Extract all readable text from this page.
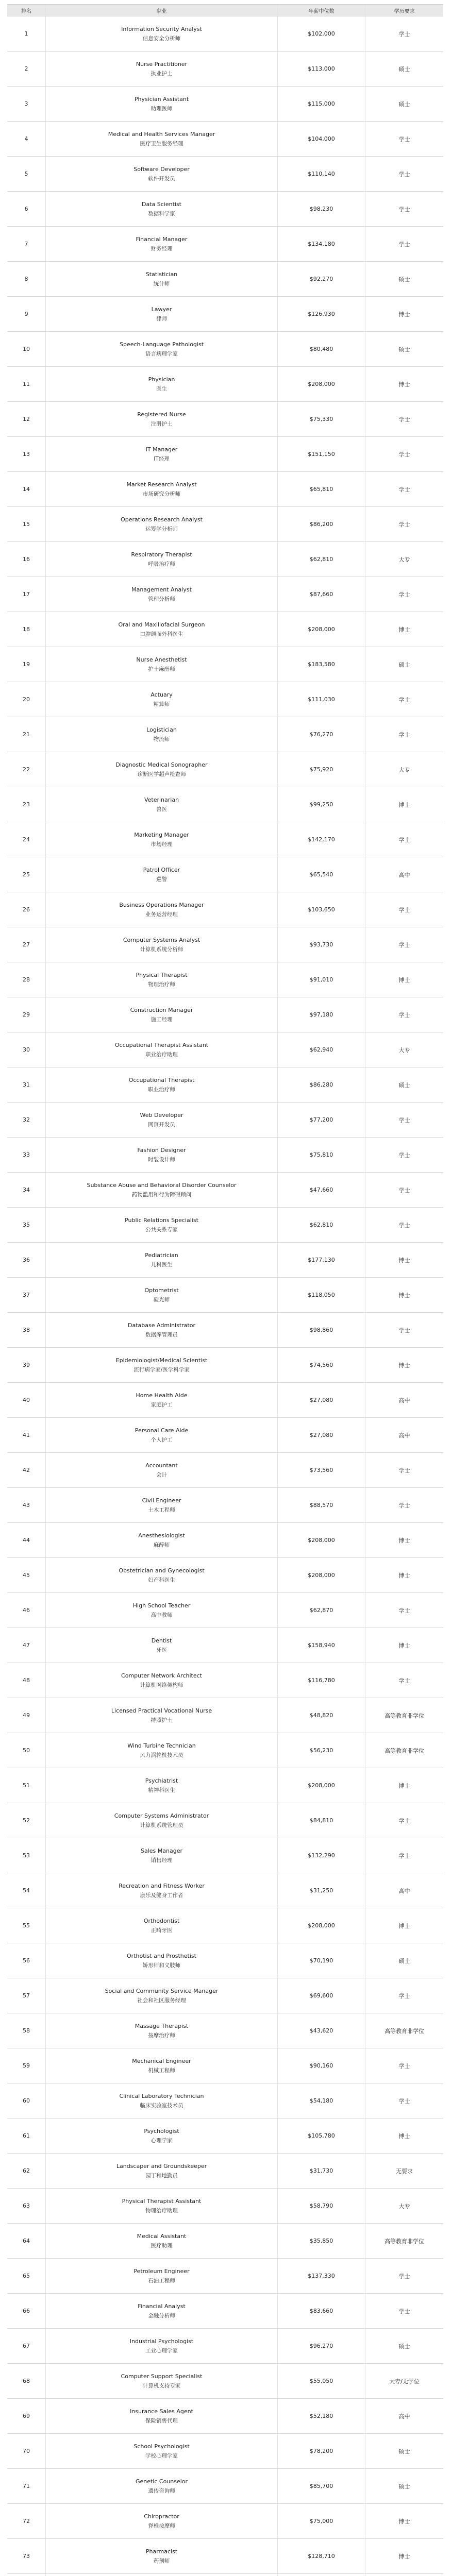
排名	职业	年薪中位数	学历要求
1
Information Security Analyst
信息安全分析师
$102,000	学士
2
Nurse Practitioner
执业护士
$113,000	硕士
3
Physician Assistant
助理医师
$115,000	硕士
4
Medical and Health Services Manager
医疗卫生服务经理
$104,000	学士
5
Software Developer
软件开发员
$110,140	学士
6
Data Scientist
数据科学家
$98,230	学士
7
Financial Manager
财务经理
$134,180	学士
8
Statistician
统计师
$92,270	硕士
9
Lawyer
律师
$126,930	博士
10
Speech-Language Pathologist
语言病理学家
$80,480	硕士
11
Physician
医生
$208,000	博士
12
Registered Nurse
注册护士
$75,330	学士
13
IT Manager
IT经理
$151,150	学士
14
Market Research Analyst
市场研究分析师
$65,810	学士
15
Operations Research Analyst
运筹学分析师
$86,200	学士
16
Respiratory Therapist
呼吸治疗师
$62,810	大专
17
Management Analyst
管理分析师
$87,660	学士
18
Oral and Maxillofacial Surgeon
口腔颌面外科医生
$208,000	博士
19
Nurse Anesthetist
护士麻醉师
$183,580	硕士
20
Actuary
精算师
$111,030	学士
21
Logistician
物流师
$76,270	学士
22
Diagnostic Medical Sonographer
诊断医学超声检查师
$75,920	大专
23
Veterinarian
兽医
$99,250	博士
24
Marketing Manager
市场经理
$142,170	学士
25
Patrol Officer
巡警
$65,540	高中
26
Business Operations Manager
业务运营经理
$103,650	学士
27
Computer Systems Analyst
计算机系统分析师
$93,730	学士
28
Physical Therapist
物理治疗师
$91,010	博士
29
Construction Manager
施工经理
$97,180	学士
30
Occupational Therapist Assistant
职业治疗助理
$62,940	大专
31
Occupational Therapist
职业治疗师
$86,280	硕士
32
Web Developer
网页开发员
$77,200	学士
33
Fashion Designer
时装设计师
$75,810	学士
34
Substance Abuse and Behavioral Disorder Counselor
药物滥用和行为障碍顾问
$47,660	学士
35
Public Relations Specialist
公共关系专家
$62,810	学士
36
Pediatrician
儿科医生
$177,130	博士
37
Optometrist
验光师
$118,050	博士
38
Database Administrator
数据库管理员
$98,860	学士
39
Epidemiologist/Medical Scientist
流行病学家/医学科学家
$74,560	博士
40
Home Health Aide
家庭护工
$27,080	高中
41
Personal Care Aide
个人护工
$27,080	高中
42
Accountant
会计
$73,560	学士
43
Civil Engineer
土木工程师
$88,570	学士
44
Anesthesiologist
麻醉师
$208,000	博士
45
Obstetrician and Gynecologist
妇产科医生
$208,000	博士
46
High School Teacher
高中教师
$62,870	学士
47
Dentist
牙医
$158,940	博士
48
Computer Network Architect
计算机网络架构师
$116,780	学士
49
Licensed Practical Vocational Nurse
持照护士
$48,820	高等教育非学位
50
Wind Turbine Technician
风力涡轮机技术员
$56,230	高等教育非学位
51
Psychiatrist
精神科医生
$208,000	博士
52
Computer Systems Administrator
计算机系统管理员
$84,810	学士
53
Sales Manager
销售经理
$132,290	学士
54
Recreation and Fitness Worker
康乐及健身工作者
$31,250	高中
55
Orthodontist
正畸牙医
$208,000	博士
56
Orthotist and Prosthetist
矫形师和义肢师
$70,190	硕士
57
Social and Community Service Manager
社会和社区服务经理
$69,600	学士
58
Massage Therapist
按摩治疗师
$43,620	高等教育非学位
59
Mechanical Engineer
机械工程师
$90,160	学士
60
Clinical Laboratory Technician
临床实验室技术员
$54,180	学士
61
Psychologist
心理学家
$105,780	博士
62
Landscaper and Groundskeeper
园丁和地勤员
$31,730	无要求
63
Physical Therapist Assistant
物理治疗助理
$58,790	大专
64
Medical Assistant
医疗助理
$35,850	高等教育非学位
65
Petroleum Engineer
石油工程师
$137,330	学士
66
Financial Analyst
金融分析师
$83,660	学士
67
Industrial Psychologist
工业心理学家
$96,270	硕士
68
Computer Support Specialist
计算机支持专家
$55,050	大专/无学位
69
Insurance Sales Agent
保险销售代理
$52,180	高中
70
School Psychologist
学校心理学家
$78,200	硕士
71
Genetic Counselor
遗传咨询师
$85,700	硕士
72
Chiropractor
脊椎按摩师
$75,000	博士
73
Pharmacist
药剂师
$128,710	博士
